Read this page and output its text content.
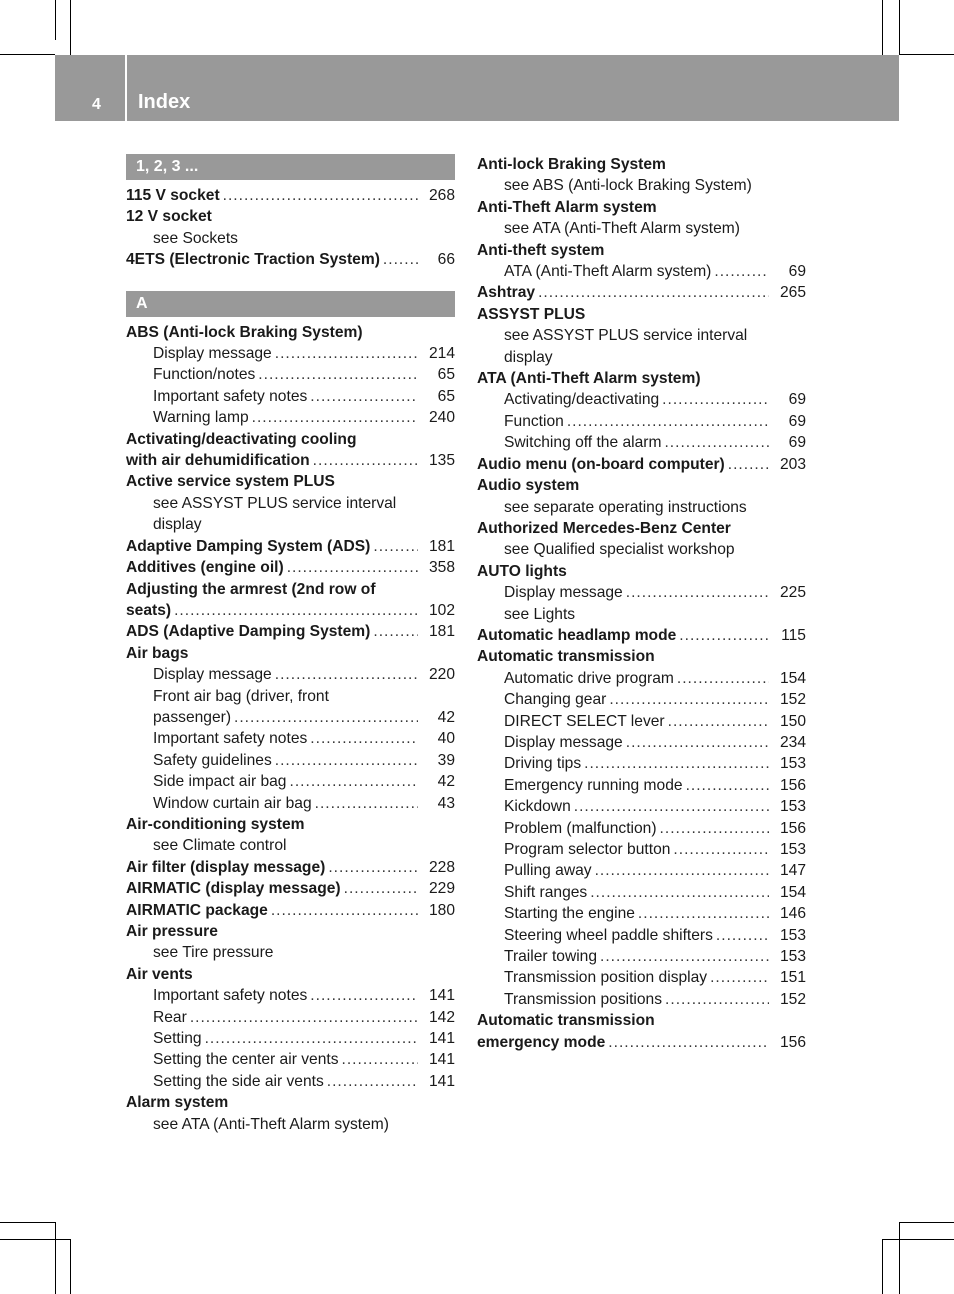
4 Index
1, 2, 3 ...
115 V socket .....	268
12 V socket
see Sockets
4ETS (Electronic Traction System) .....	66
A
ABS (Anti-lock Braking System)
Display message .....	214
Function/notes .....	65
Important safety notes .....	65
Warning lamp .....	240
Activating/deactivating cooling
with air dehumidification .....	135
Active service system PLUS
see ASSYST PLUS service interval
display
Adaptive Damping System (ADS) .....	181
Additives (engine oil) .....	358
Adjusting the armrest (2nd row of
seats) .....	102
ADS (Adaptive Damping System) .....	181
Air bags
Display message .....	220
Front air bag (driver, front
passenger) .....	42
Important safety notes .....	40
Safety guidelines .....	39
Side impact air bag .....	42
Window curtain air bag .....	43
Air-conditioning system
see Climate control
Air filter (display message) .....	228
AIRMATIC (display message) .....	229
AIRMATIC package .....	180
Air pressure
see Tire pressure
Air vents
Important safety notes .....	141
Rear .....	142
Setting .....	141
Setting the center air vents .....	141
Setting the side air vents .....	141
Alarm system
see ATA (Anti-Theft Alarm system)
Anti-lock Braking System
see ABS (Anti-lock Braking System)
Anti-Theft Alarm system
see ATA (Anti-Theft Alarm system)
Anti-theft system
ATA (Anti-Theft Alarm system) .....	69
Ashtray .....	265
ASSYST PLUS
see ASSYST PLUS service interval
display
ATA (Anti-Theft Alarm system)
Activating/deactivating .....	69
Function .....	69
Switching off the alarm .....	69
Audio menu (on-board computer) .....	203
Audio system
see separate operating instructions
Authorized Mercedes-Benz Center
see Qualified specialist workshop
AUTO lights
Display message .....	225
see Lights
Automatic headlamp mode .....	115
Automatic transmission
Automatic drive program .....	154
Changing gear .....	152
DIRECT SELECT lever .....	150
Display message .....	234
Driving tips .....	153
Emergency running mode .....	156
Kickdown .....	153
Problem (malfunction) .....	156
Program selector button .....	153
Pulling away .....	147
Shift ranges .....	154
Starting the engine .....	146
Steering wheel paddle shifters .....	153
Trailer towing .....	153
Transmission position display .....	151
Transmission positions .....	152
Automatic transmission
emergency mode .....	156
